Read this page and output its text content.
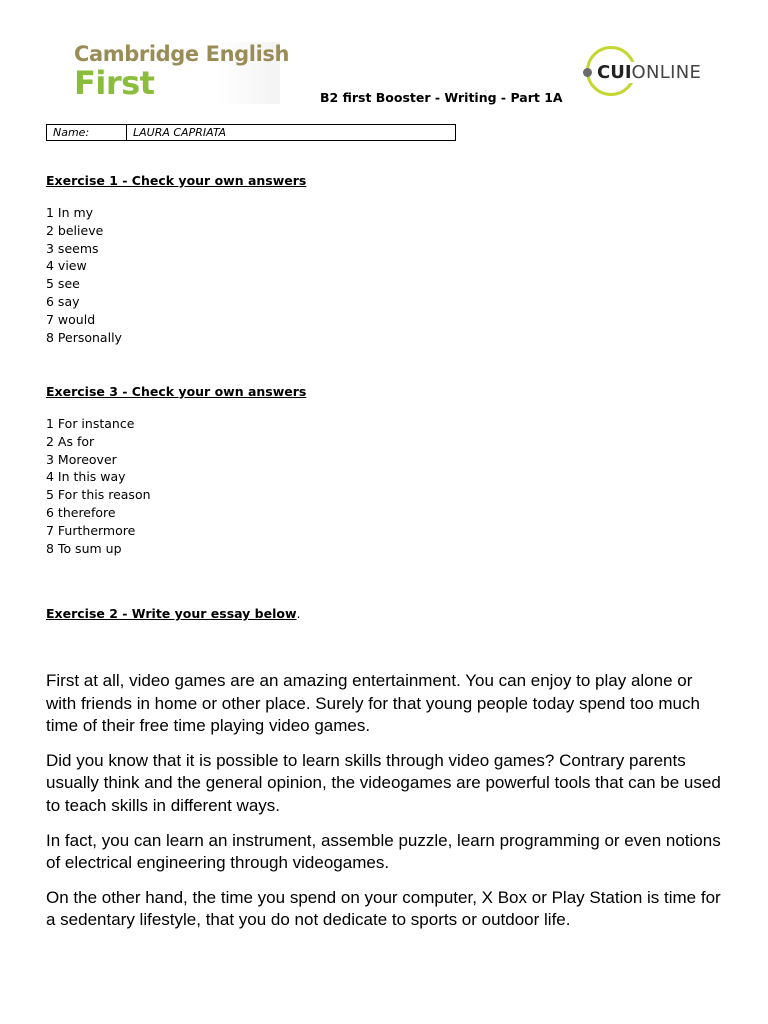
Cambridge English
First	CUIONLINE
B2 first Booster - Writing - Part 1A
Name:	LAURA CAPRIATA
Exercise 1 - Check your own answers
1 In my
2 believe
3 seems
4 view
5 see
6 say
7 would
8 Personally
Exercise 3 - Check your own answers
1 For instance
2 As for
3 Moreover
4 In this way
5 For this reason
6 therefore
7 Furthermore
8 To sum up
Exercise 2 - Write your essay below.

First at all, video games are an amazing entertainment. You can enjoy to play alone or with friends in home or other place. Surely for that young people today spend too much time of their free time playing video games.

Did you know that it is possible to learn skills through video games? Contrary parents usually think and the general opinion, the videogames are powerful tools that can be used to teach skills in different ways.

In fact, you can learn an instrument, assemble puzzle, learn programming or even notions of electrical engineering through videogames.

On the other hand, the time you spend on your computer, X Box or Play Station is time for a sedentary lifestyle, that you do not dedicate to sports or outdoor life.
